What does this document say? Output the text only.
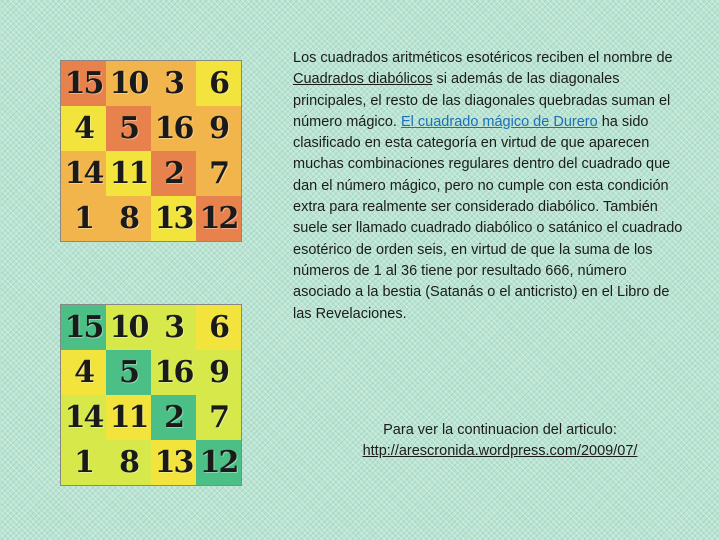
15 10 3 6
4 5 16 9
14 11 2 7
1 8 13 12
15 10 3 6
4 5 16 9
14 11 2 7
1 8 13 12

Los cuadrados aritméticos esotéricos reciben el nombre de Cuadrados diabólicos si además de las diagonales principales, el resto de las diagonales quebradas suman el número mágico. El cuadrado mágico de Durero ha sido clasificado en esta categoría en virtud de que aparecen muchas combinaciones regulares dentro del cuadrado que dan el número mágico, pero no cumple con esta condición extra para realmente ser considerado diabólico. También suele ser llamado cuadrado diabólico o satánico el cuadrado esotérico de orden seis, en virtud de que la suma de los números de 1 al 36 tiene por resultado 666, número asociado a la bestia (Satanás o el anticristo) en el Libro de las Revelaciones.

Para ver la continuacion del articulo:
http://arescronida.wordpress.com/2009/07/
